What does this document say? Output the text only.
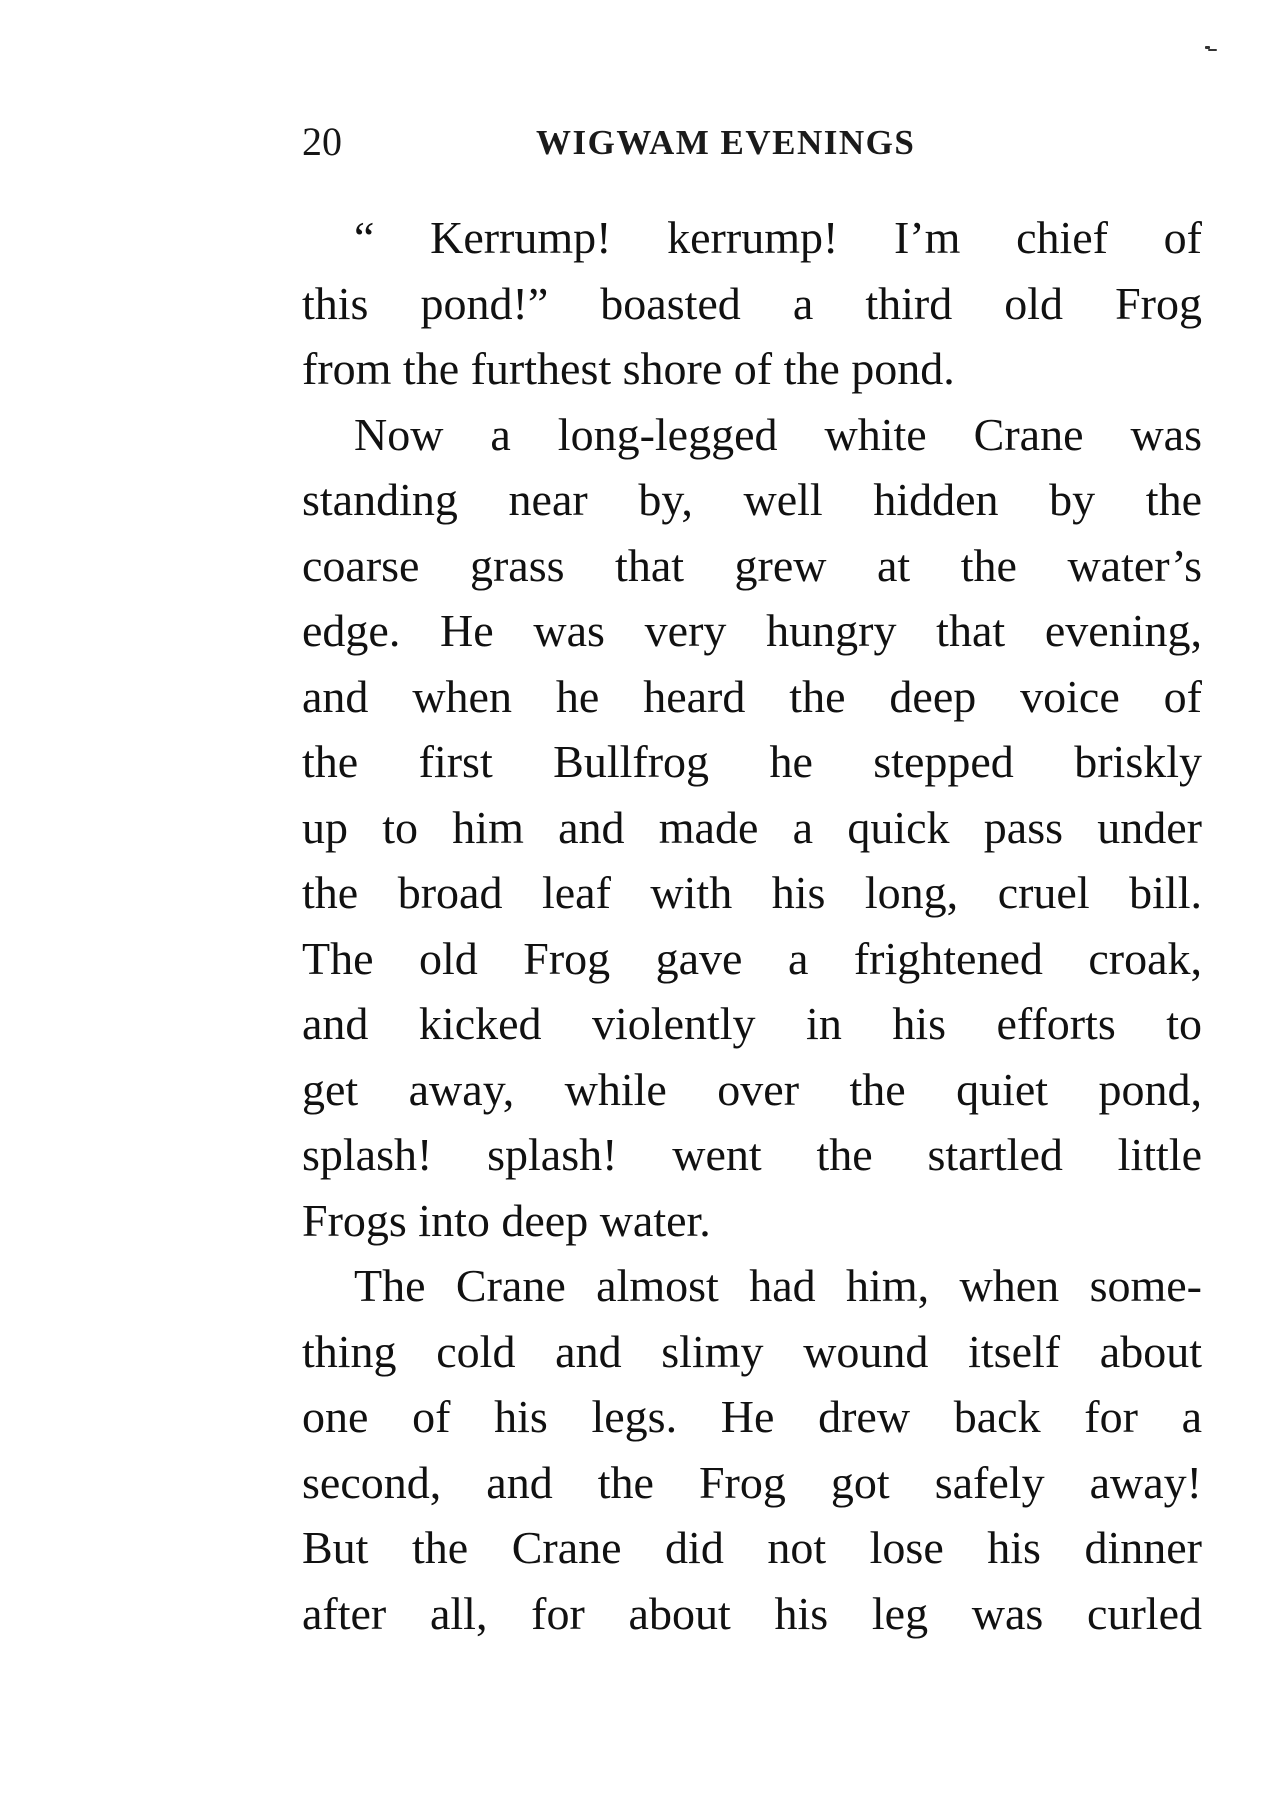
20	WIGWAM EVENINGS
“ Kerrump! kerrump! I’m chief of
this pond!” boasted a third old Frog
from the furthest shore of the pond.
Now a long-legged white Crane was
standing near by, well hidden by the
coarse grass that grew at the water’s
edge. He was very hungry that evening,
and when he heard the deep voice of
the first Bullfrog he stepped briskly
up to him and made a quick pass under
the broad leaf with his long, cruel bill.
The old Frog gave a frightened croak,
and kicked violently in his efforts to
get away, while over the quiet pond,
splash! splash! went the startled little
Frogs into deep water.
The Crane almost had him, when some-
thing cold and slimy wound itself about
one of his legs. He drew back for a
second, and the Frog got safely away!
But the Crane did not lose his dinner
after all, for about his leg was curled
